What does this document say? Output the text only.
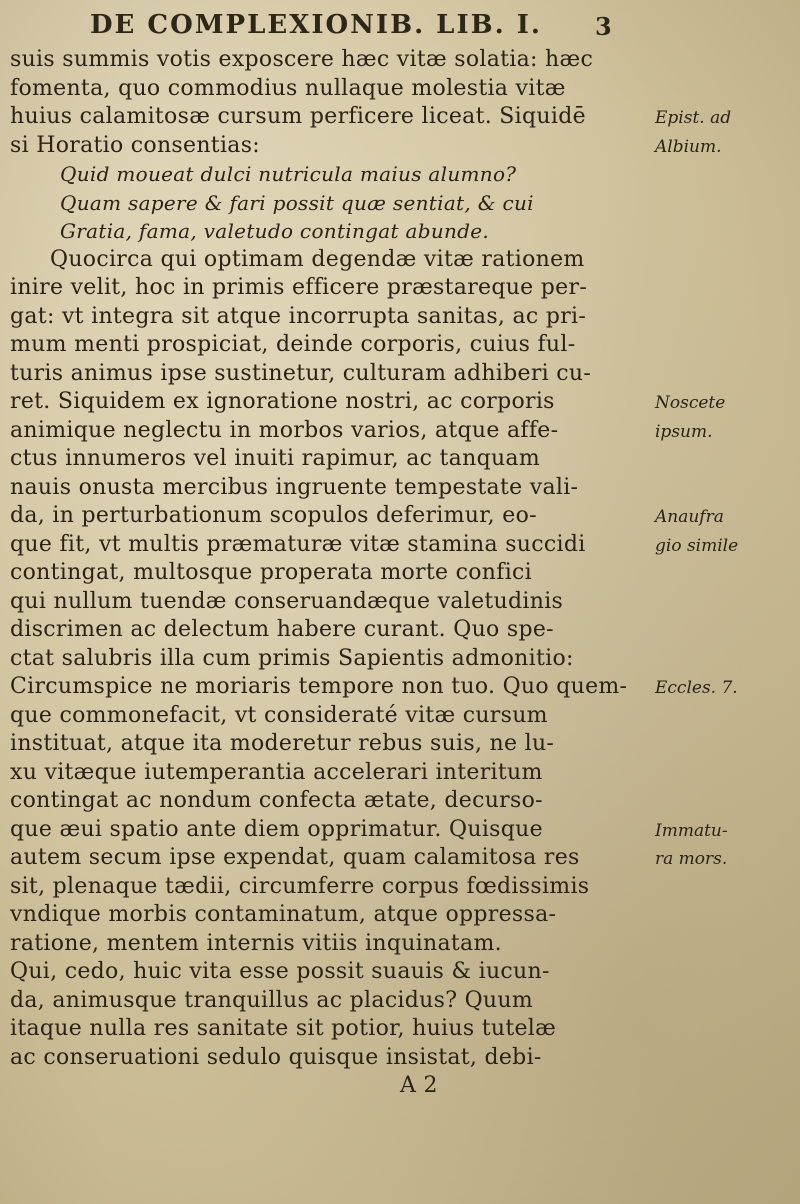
DE COMPLEXIONIB. LIB. I. 3
suis summis votis exposcere hæc vitæ solatia: hæc
fomenta, quo commodius nullaque molestia vitæ
huius calamitosæ cursum perficere liceat. Siquidē
si Horatio consentias:
Quid moueat dulci nutricula maius alumno?
Quam sapere & fari possit quæ sentiat, & cui
Gratia, fama, valetudo contingat abunde.
Quocirca qui optimam degendæ vitæ rationem
inire velit, hoc in primis efficere præstareque per-
gat: vt integra sit atque incorrupta sanitas, ac pri-
mum menti prospiciat, deinde corporis, cuius ful-
turis animus ipse sustinetur, culturam adhiberi cu-
ret. Siquidem ex ignoratione nostri, ac corporis
animique neglectu in morbos varios, atque affe-
ctus innumeros vel inuiti rapimur, ac tanquam
nauis onusta mercibus ingruente tempestate vali-
da, in perturbationum scopulos deferimur, eo-
que fit, vt multis præmaturæ vitæ stamina succidi
contingat, multosque properata morte confici
qui nullum tuendæ conseruandæque valetudinis
discrimen ac delectum habere curant. Quo spe-
ctat salubris illa cum primis Sapientis admonitio:
Circumspice ne moriaris tempore non tuo. Quo quem-
que commonefacit, vt consideraté vitæ cursum
instituat, atque ita moderetur rebus suis, ne lu-
xu vitæque iutemperantia accelerari interitum
contingat ac nondum confecta ætate, decurso-
que æui spatio ante diem opprimatur. Quisque
autem secum ipse expendat, quam calamitosa res
sit, plenaque tædii, circumferre corpus fœdissimis
vndique morbis contaminatum, atque oppressa-
ratione, mentem internis vitiis inquinatam.
Qui, cedo, huic vita esse possit suauis & iucun-
da, animusque tranquillus ac placidus? Quum
itaque nulla res sanitate sit potior, huius tutelæ
ac conseruationi sedulo quisque insistat, debi-
A 2
Epist. ad
Albium.
Noscete
ipsum.
Anaufra
gio simile
Eccles. 7.
Immatu-
ra mors.
